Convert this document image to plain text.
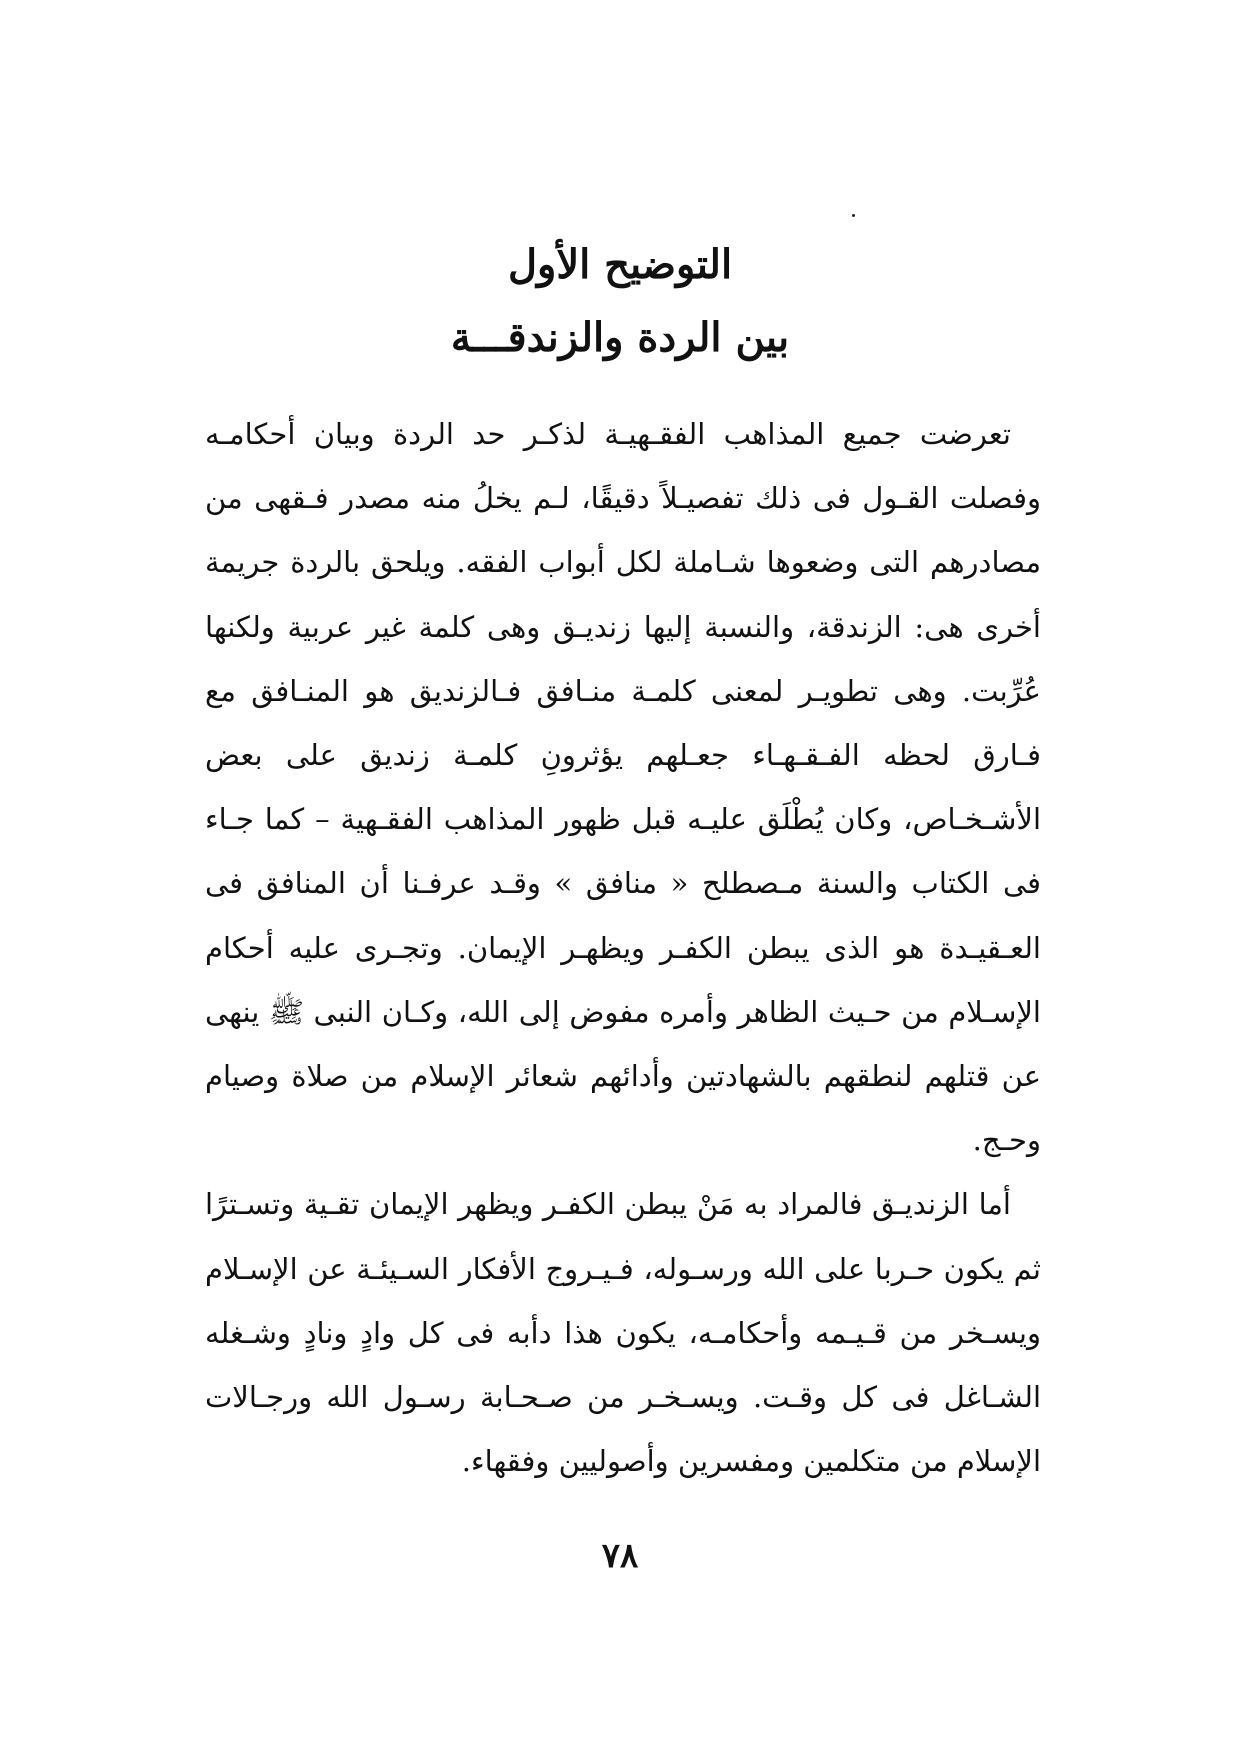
التوضيح الأول
بين الردة والزندقـــة

تعرضت جميع المذاهب الفقـهيـة لذكـر حد الردة وبيان أحكامـه وفصلت القـول فى ذلك تفصيـلاً دقيقًا، لـم يخلُ منه مصدر فـقهى من مصادرهم التى وضعوها شـاملة لكل أبواب الفقه. ويلحق بالردة جريمة أخرى هى: الزندقة، والنسبة إليها زنديـق وهى كلمة غير عربية ولكنها عُرِّبت. وهى تطويـر لمعنى كلمـة منـافق فـالزنديق هو المنـافق مع فـارق لحظه الفـقـهـاء جعـلهم يؤثرونِ كلمـة زنديق على بعض الأشـخـاص، وكان يُطْلَق عليـه قبل ظهور المذاهب الفقـهية – كما جـاء فى الكتاب والسنة مـصطلح « منافق » وقـد عرفـنا أن المنافق فى العـقيـدة هو الذى يبطن الكفـر ويظهـر الإيمان. وتجـرى عليه أحكام الإسـلام من حـيث الظاهر وأمره مفوض إلى الله، وكـان النبى ﷺ ينهى عن قتلهم لنطقهم بالشهادتين وأدائهم شعائر الإسلام من صلاة وصيام وحـج.

أما الزنديـق فالمراد به مَنْ يبطن الكفـر ويظهر الإيمان تقـية وتسـترًا ثم يكون حـربا على الله ورسـوله، فـيـروج الأفكار السـيئـة عن الإسـلام ويسـخر من قـيـمه وأحكامـه، يكون هذا دأبه فى كل وادٍ ونادٍ وشـغله الشـاغل فى كل وقـت. ويسـخـر من صـحـابة رسـول الله ورجـالات الإسلام من متكلمين ومفسرين وأصوليين وفقهاء.

٧٨
